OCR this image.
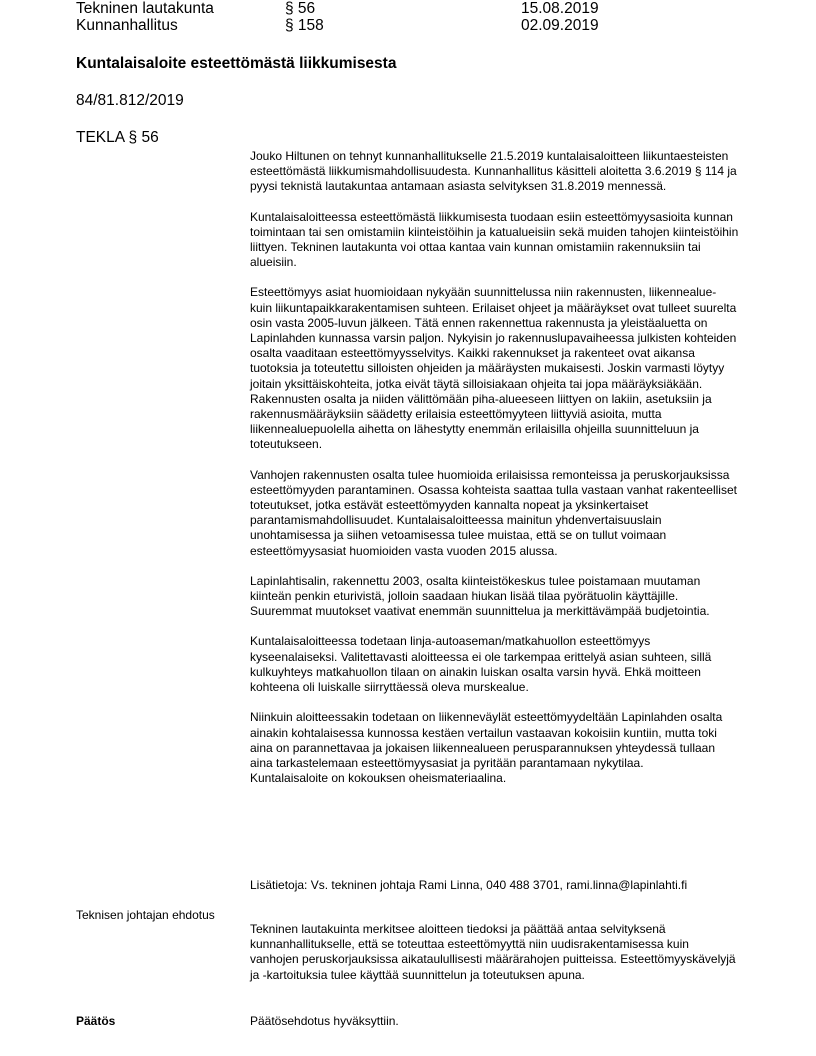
Tekninen lautakunta	§ 56	15.08.2019
Kunnanhallitus	§ 158	02.09.2019
Kuntalaisaloite esteettömästä liikkumisesta
84/81.812/2019
TEKLA § 56

Jouko Hiltunen on tehnyt kunnanhallitukselle 21.5.2019 kuntalaisaloitteen liikuntaesteisten esteettömästä liikkumismahdollisuudesta. Kunnanhallitus käsitteli aloitetta 3.6.2019 § 114 ja pyysi teknistä lautakuntaa antamaan asiasta selvityksen 31.8.2019 mennessä.

Kuntalaisaloitteessa esteettömästä liikkumisesta tuodaan esiin esteettömyysasioita kunnan toimintaan tai sen omistamiin kiinteistöihin ja katualueisiin sekä muiden tahojen kiinteistöihin liittyen. Tekninen lautakunta voi ottaa kantaa vain kunnan omistamiin rakennuksiin tai alueisiin.

Esteettömyys asiat huomioidaan nykyään suunnittelussa niin rakennusten, liikennealue- kuin liikuntapaikkarakentamisen suhteen. Erilaiset ohjeet ja määräykset ovat tulleet suurelta osin vasta 2005-luvun jälkeen. Tätä ennen rakennettua rakennusta ja yleistäaluetta on Lapinlahden kunnassa varsin paljon. Nykyisin jo rakennuslupavaiheessa julkisten kohteiden osalta vaaditaan esteettömyysselvitys. Kaikki rakennukset ja rakenteet ovat aikansa tuotoksia ja toteutettu silloisten ohjeiden ja määräysten mukaisesti. Joskin varmasti löytyy joitain yksittäiskohteita, jotka eivät täytä silloisiakaan ohjeita tai jopa määräyksiäkään. Rakennusten osalta ja niiden välittömään piha-alueeseen liittyen on lakiin, asetuksiin ja rakennusmääräyksiin säädetty erilaisia esteettömyyteen liittyviä asioita, mutta liikennealuepuolella aihetta on lähestytty enemmän erilaisilla ohjeilla suunnitteluun ja toteutukseen.

Vanhojen rakennusten osalta tulee huomioida erilaisissa remonteissa ja peruskorjauksissa esteettömyyden parantaminen. Osassa kohteista saattaa tulla vastaan vanhat rakenteelliset toteutukset, jotka estävät esteettömyyden kannalta nopeat ja yksinkertaiset parantamismahdollisuudet. Kuntalaisaloitteessa mainitun yhdenvertaisuuslain unohtamisessa ja siihen vetoamisessa tulee muistaa, että se on tullut voimaan esteettömyysasiat huomioiden vasta vuoden 2015 alussa.

Lapinlahtisalin, rakennettu 2003, osalta kiinteistökeskus tulee poistamaan muutaman kiinteän penkin eturivistä, jolloin saadaan hiukan lisää tilaa pyörätuolin käyttäjille. Suuremmat muutokset vaativat enemmän suunnittelua ja merkittävämpää budjetointia.

Kuntalaisaloitteessa todetaan linja-autoaseman/matkahuollon esteettömyys kyseenalaiseksi. Valitettavasti aloitteessa ei ole tarkempaa erittelyä asian suhteen, sillä kulkuyhteys matkahuollon tilaan on ainakin luiskan osalta varsin hyvä. Ehkä moitteen kohteena oli luiskalle siirryttäessä oleva murskealue.

Niinkuin aloitteessakin todetaan on liikenneväylät esteettömyydeltään Lapinlahden osalta ainakin kohtalaisessa kunnossa kestäen vertailun vastaavan kokoisiin kuntiin, mutta toki aina on parannettavaa ja jokaisen liikennealueen perusparannuksen yhteydessä tullaan aina tarkastelemaan esteettömyysasiat ja pyritään parantamaan nykytilaa.
Kuntalaisaloite on kokouksen oheismateriaalina.

Lisätietoja: Vs. tekninen johtaja Rami Linna, 040 488 3701, rami.linna@lapinlahti.fi

Teknisen johtajan ehdotus

Tekninen lautakuinta merkitsee aloitteen tiedoksi ja päättää antaa selvityksenä kunnanhallitukselle, että se toteuttaa esteettömyyttä niin uudisrakentamisessa kuin vanhojen peruskorjauksissa aikataulullisesti määrärahojen puitteissa. Esteettömyyskävelyjä ja -kartoituksia tulee käyttää suunnittelun ja toteutuksen apuna.

Päätös	Päätösehdotus hyväksyttiin.
